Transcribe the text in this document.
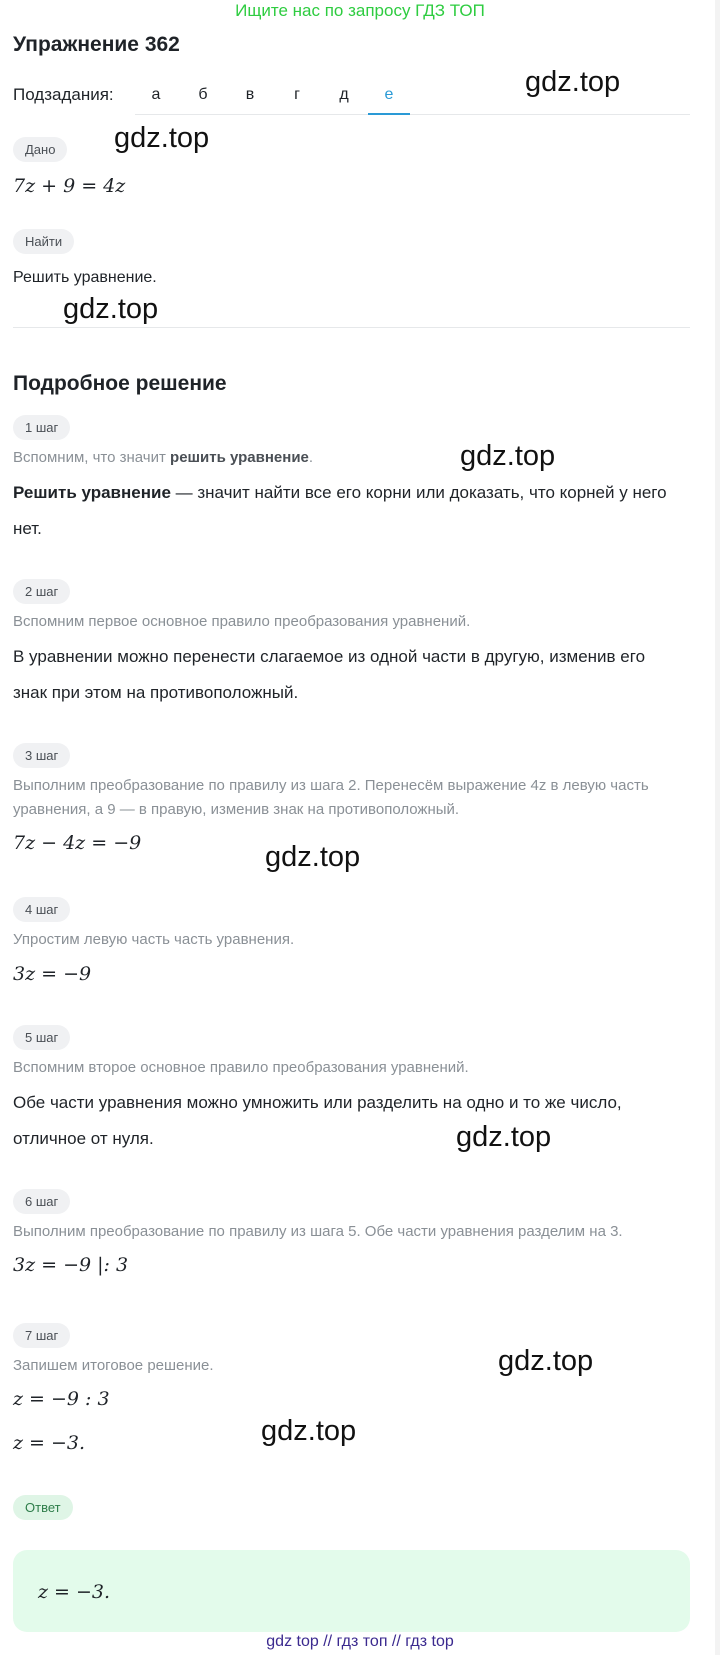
Ищите нас по запросу ГДЗ ТОП
Упражнение 362
Подзадания:	а	б	в	г	д	е	gdz.top
gdz.top
gdz.top
gdz.top
gdz.top
gdz.top
gdz.top
gdz.top
Дано
7z + 9 = 4z
Найти
Решить уравнение.
Подробное решение
1 шаг
Вспомним, что значит решить уравнение.
Решить уравнение — значит найти все его корни или доказать, что корней у него нет.
2 шаг
Вспомним первое основное правило преобразования уравнений.
В уравнении можно перенести слагаемое из одной части в другую, изменив его знак при этом на противоположный.
3 шаг
Выполним преобразование по правилу из шага 2. Перенесём выражение 4z в левую часть уравнения, а 9 — в правую, изменив знак на противоположный.
7z − 4z = −9
4 шаг
Упростим левую часть часть уравнения.
3z = −9
5 шаг
Вспомним второе основное правило преобразования уравнений.
Обе части уравнения можно умножить или разделить на одно и то же число, отличное от нуля.
6 шаг
Выполним преобразование по правилу из шага 5. Обе части уравнения разделим на 3.
3z = −9 |: 3
7 шаг
Запишем итоговое решение.
z = −9 : 3
z = −3.
Ответ
z = −3.
gdz top // гдз топ // гдз top
